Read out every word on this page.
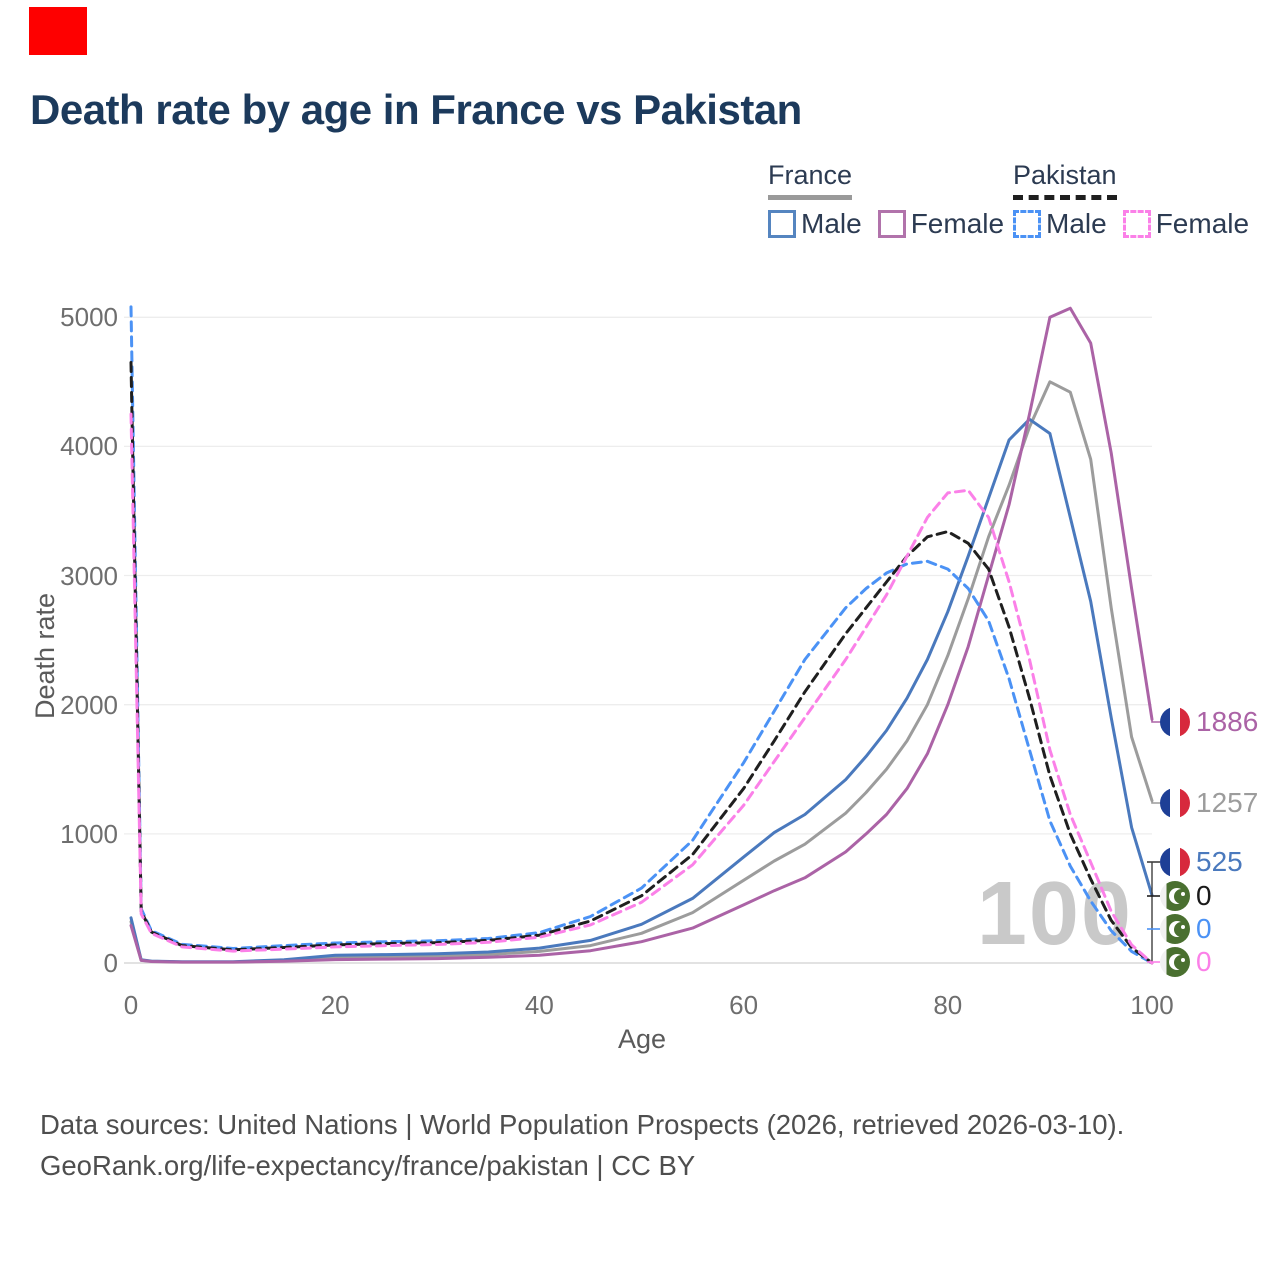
Death rate by age in France vs Pakistan
France
Male Female
Pakistan
Male Female
100
0
1000
2000
3000
4000
5000
0	20	40	60	80	100
Death rate
Age
1886
1257
525
0
0
0
Data sources: United Nations | World Population Prospects (2026, retrieved 2026-03-10).
GeoRank.org/life-expectancy/france/pakistan | CC BY
